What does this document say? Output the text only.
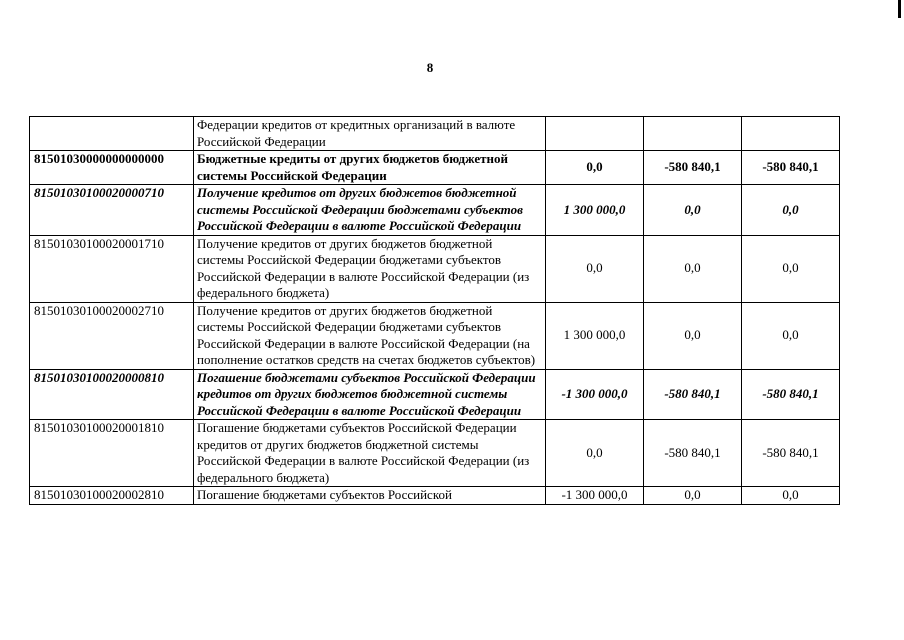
8
	Федерации кредитов от кредитных организаций в валюте Российской Федерации			
81501030000000000000	Бюджетные кредиты от других бюджетов бюджетной системы Российской Федерации	0,0	-580 840,1	-580 840,1
81501030100020000710	Получение кредитов от других бюджетов бюджетной системы Российской Федерации бюджетами субъектов Российской Федерации в валюте Российской Федерации	1 300 000,0	0,0	0,0
81501030100020001710	Получение кредитов от других бюджетов бюджетной системы Российской Федерации бюджетами субъектов Российской Федерации в валюте Российской Федерации (из федерального бюджета)	0,0	0,0	0,0
81501030100020002710	Получение кредитов от других бюджетов бюджетной системы Российской Федерации бюджетами субъектов Российской Федерации в валюте Российской Федерации (на пополнение остатков средств на счетах бюджетов субъектов)	1 300 000,0	0,0	0,0
81501030100020000810	Погашение бюджетами субъектов Российской Федерации кредитов от других бюджетов бюджетной системы Российской Федерации в валюте Российской Федерации	-1 300 000,0	-580 840,1	-580 840,1
81501030100020001810	Погашение бюджетами субъектов Российской Федерации кредитов от других бюджетов бюджетной системы Российской Федерации в валюте Российской Федерации (из федерального бюджета)	0,0	-580 840,1	-580 840,1
81501030100020002810	Погашение бюджетами субъектов Российской	-1 300 000,0	0,0	0,0
